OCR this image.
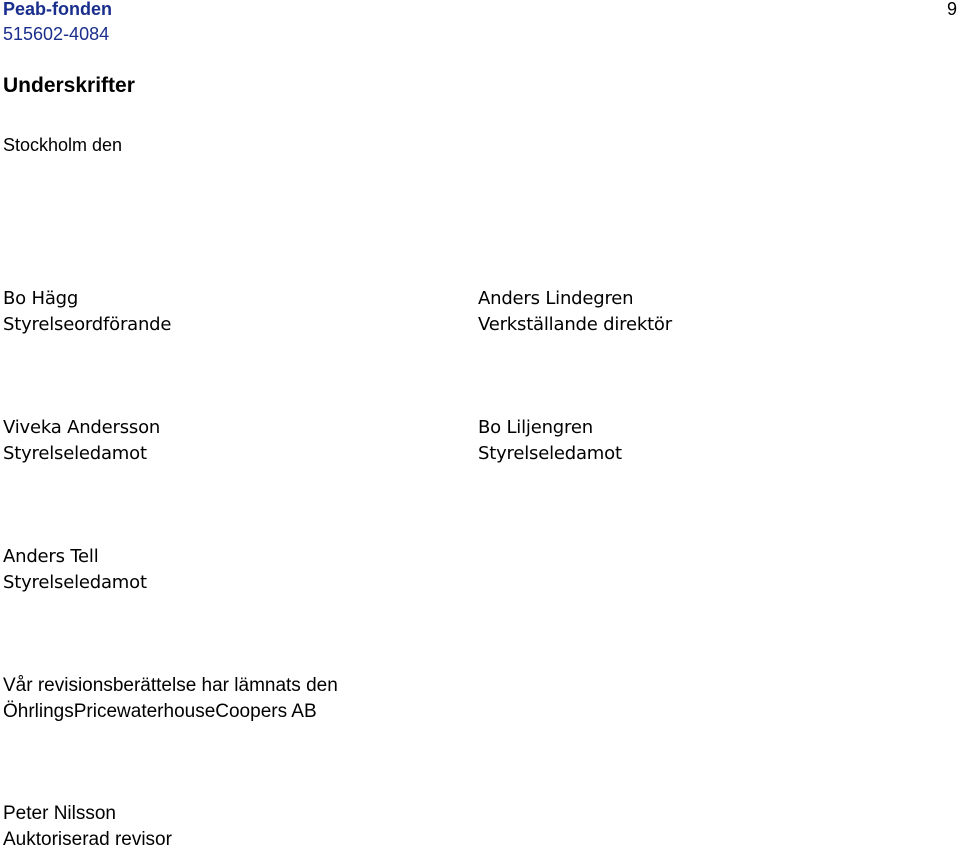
Peab-fonden
515602-4084
9
Underskrifter
Stockholm den
Bo Hägg
Styrelseordförande
Anders Lindegren
Verkställande direktör
Viveka Andersson
Styrelseledamot
Bo Liljengren
Styrelseledamot
Anders Tell
Styrelseledamot
Vår revisionsberättelse har lämnats den
ÖhrlingsPricewaterhouseCoopers AB
Peter Nilsson
Auktoriserad revisor
